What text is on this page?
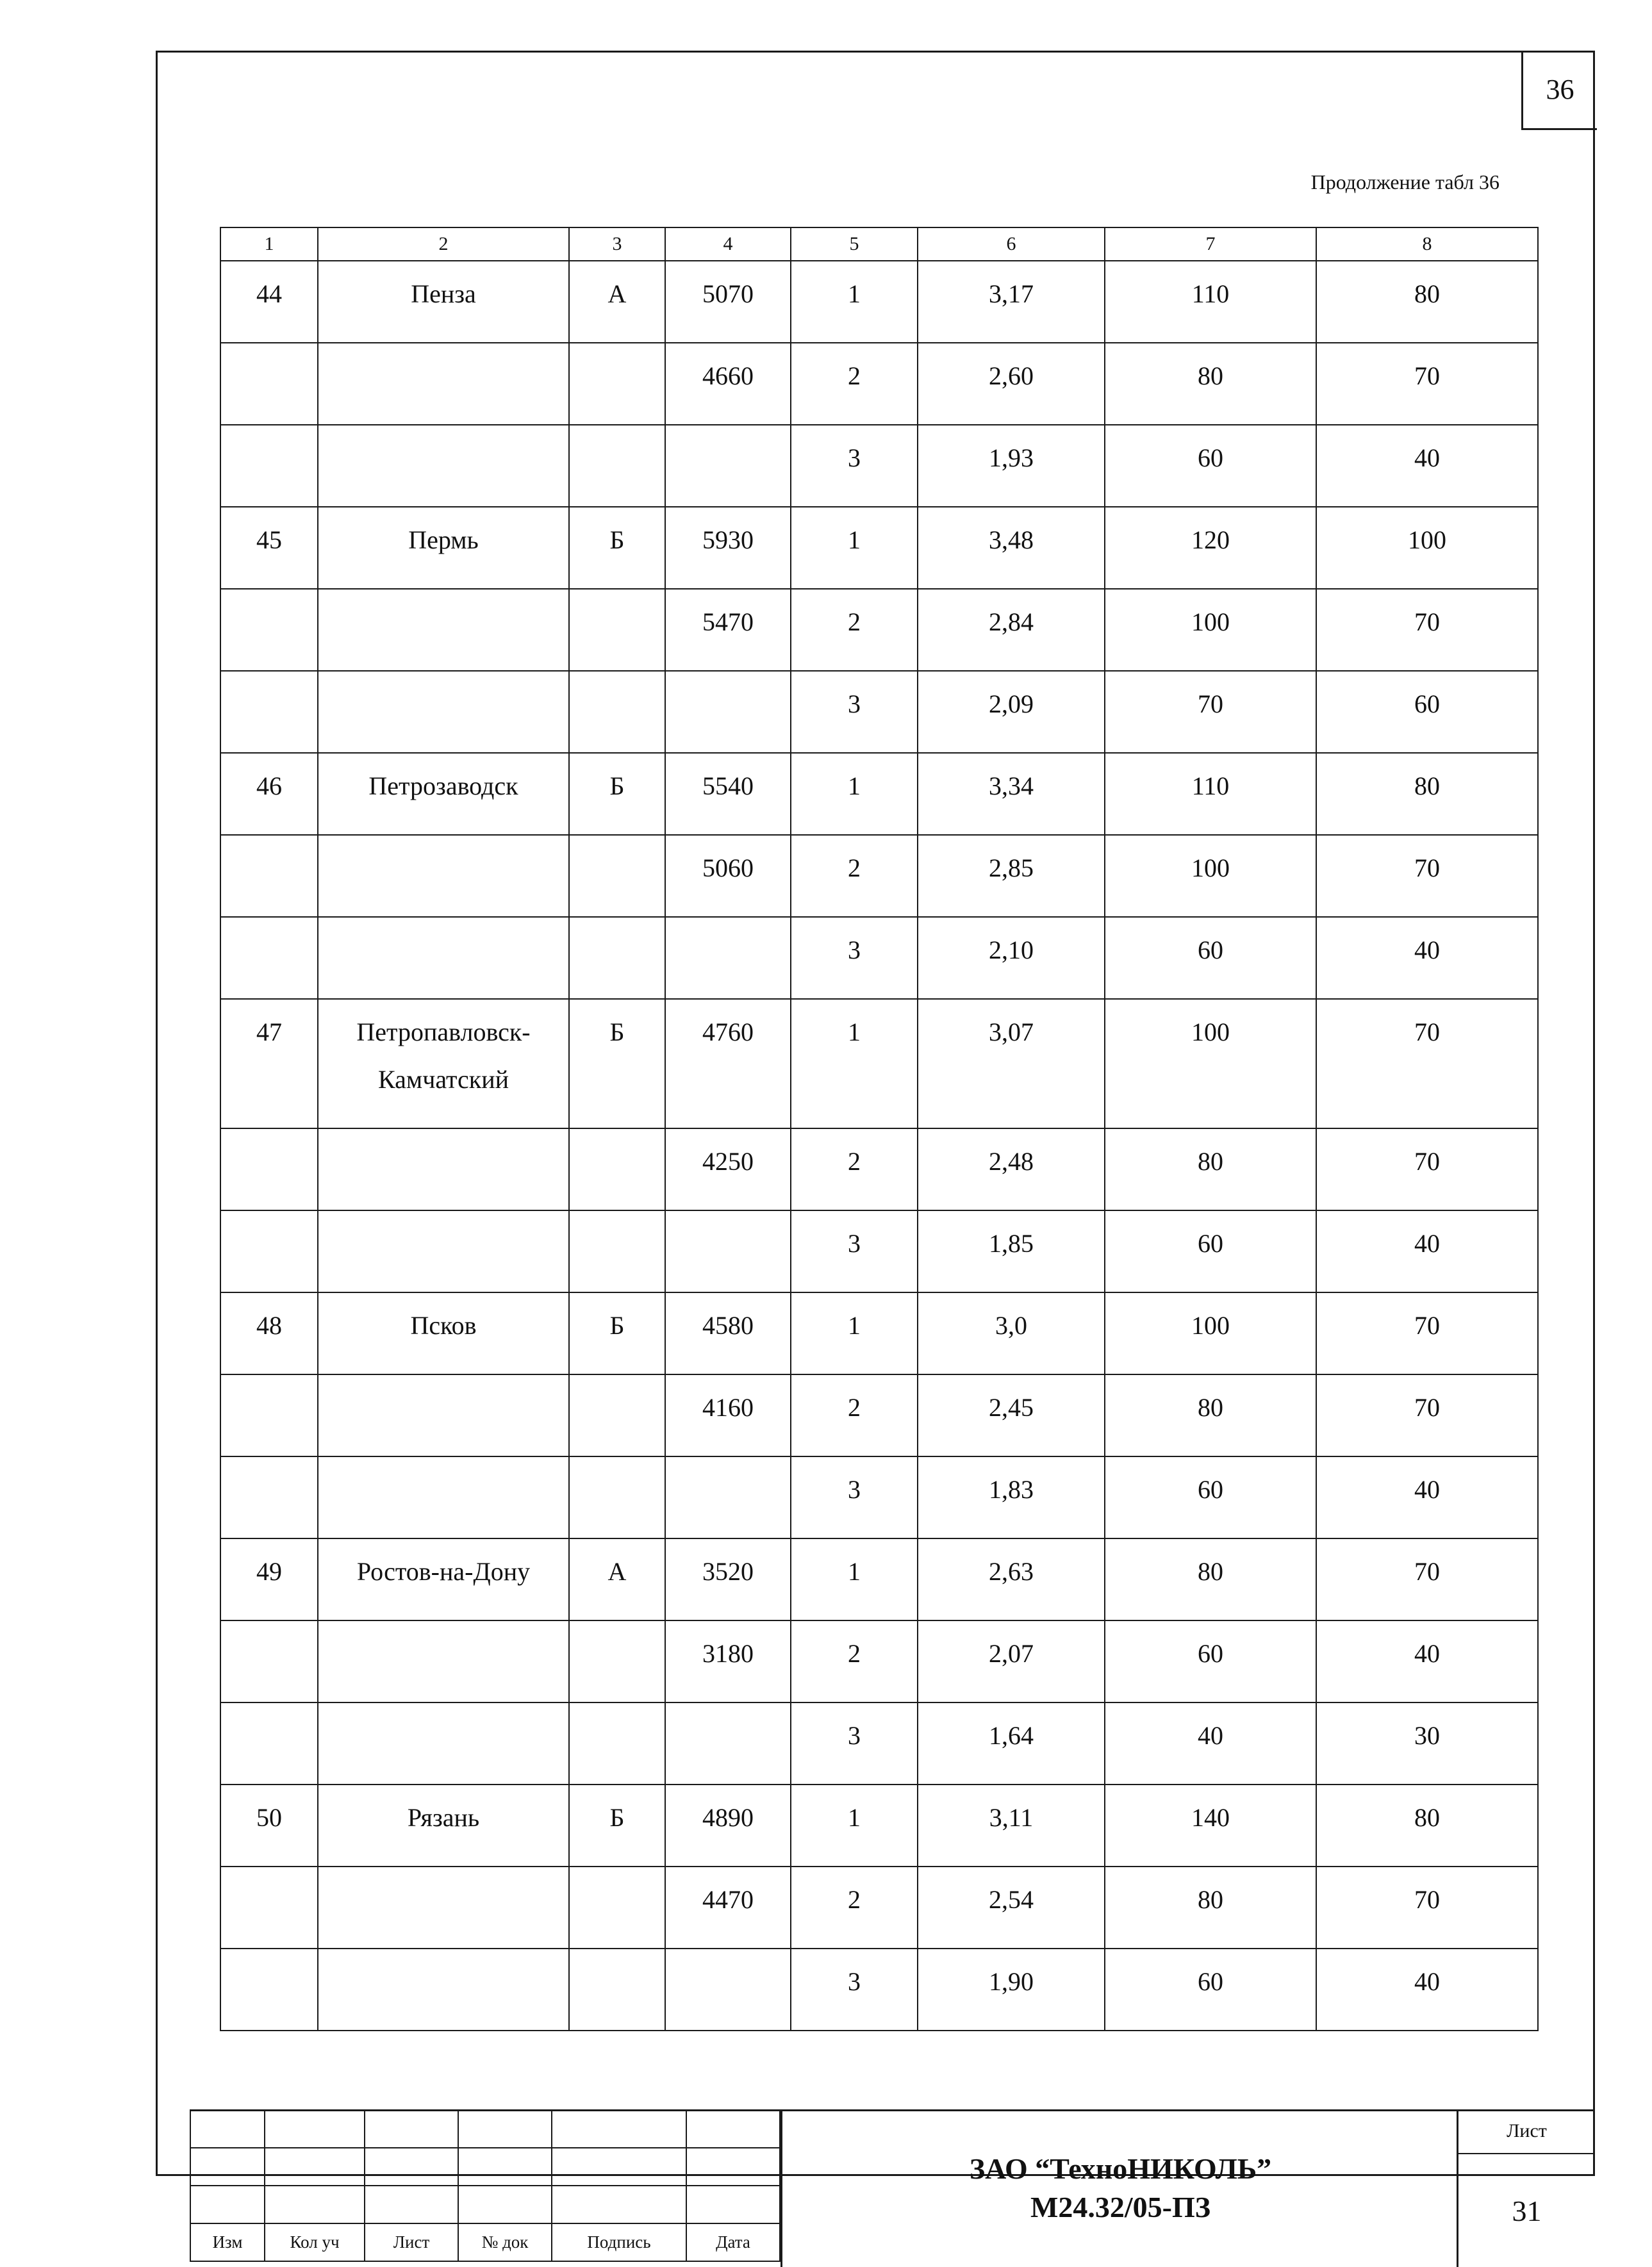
36
Продолжение табл 36
1	2	3	4	5	6	7	8
44	Пенза	А	5070	1	3,17	110	80
			4660	2	2,60	80	70
				3	1,93	60	40
45	Пермь	Б	5930	1	3,48	120	100
			5470	2	2,84	100	70
				3	2,09	70	60
46	Петрозаводск	Б	5540	1	3,34	110	80
			5060	2	2,85	100	70
				3	2,10	60	40
47	Петропавловск-Камчатский	Б	4760	1	3,07	100	70
			4250	2	2,48	80	70
				3	1,85	60	40
48	Псков	Б	4580	1	3,0	100	70
			4160	2	2,45	80	70
				3	1,83	60	40
49	Ростов-на-Дону	А	3520	1	2,63	80	70
			3180	2	2,07	60	40
				3	1,64	40	30
50	Рязань	Б	4890	1	3,11	140	80
			4470	2	2,54	80	70
				3	1,90	60	40

Изм	Кол уч	Лист	№ док	Подпись	Дата
ЗАО “ТехноНИКОЛЬ”
М24.32/05-ПЗ
Лист
31
